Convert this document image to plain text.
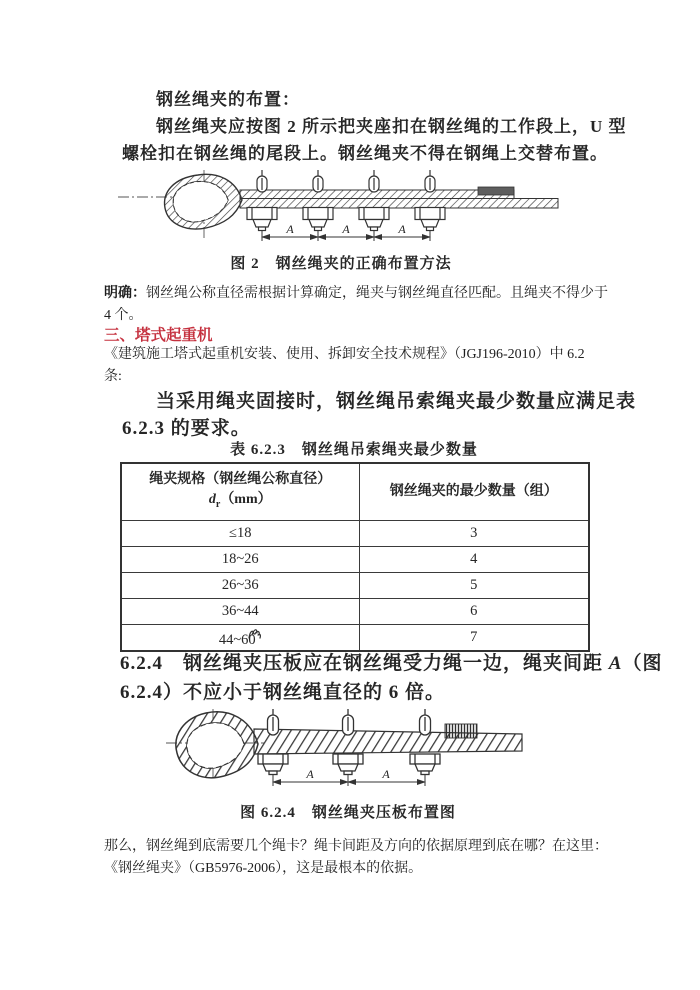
钢丝绳夹的布置：
钢丝绳夹应按图 2 所示把夹座扣在钢丝绳的工作段上，U 型
螺栓扣在钢丝绳的尾段上。钢丝绳夹不得在钢绳上交替布置。
A	A	A
图 2　钢丝绳夹的正确布置方法

明确：钢丝绳公称直径需根据计算确定，绳夹与钢丝绳直径匹配。且绳夹不得少于
4 个。

三、塔式起重机

《建筑施工塔式起重机安装、使用、拆卸安全技术规程》（JGJ196-2010）中 6.2
条:

当采用绳夹固接时，钢丝绳吊索绳夹最少数量应满足表
6.2.3 的要求。
表 6.2.3　钢丝绳吊索绳夹最少数量
绳夹规格（钢丝绳公称直径）
$d_r(mm)$	钢丝绳夹的最少数量（组）
≤18	3
18~26	4
26~36	5
36~44	6
44~60	7
6.2.4　钢丝绳夹压板应在钢丝绳受力绳一边，绳夹间距 A（图
6.2.4）不应小于钢丝绳直径的 6 倍。
A	A
图 6.2.4　钢丝绳夹压板布置图

那么，钢丝绳到底需要几个绳卡？绳卡间距及方向的依据原理到底在哪？在这里：
《钢丝绳夹》（GB5976-2006），这是最根本的依据。
